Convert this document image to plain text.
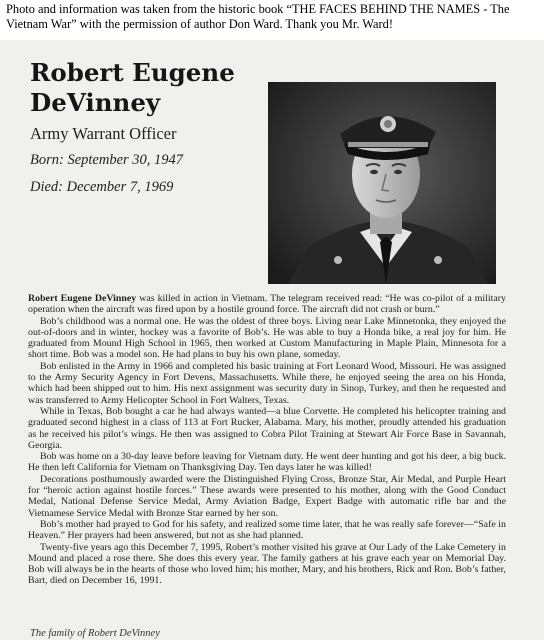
Photo and information was taken from the historic book “THE FACES BEHIND THE NAMES - The Vietnam War” with the permission of author Don Ward. Thank you Mr. Ward!
Robert Eugene
DeVinney
Army Warrant Officer
Born: September 30, 1947
Died: December 7, 1969

Robert Eugene DeVinney was killed in action in Vietnam. The telegram received read: “He was co-pilot of a military operation when the aircraft was fired upon by a hostile ground force. The aircraft did not crash or burn.”

Bob’s childhood was a normal one. He was the oldest of three boys. Living near Lake Minnetonka, they enjoyed the out-of-doors and in winter, hockey was a favorite of Bob’s. He was able to buy a Honda bike, a real joy for him. He graduated from Mound High School in 1965, then worked at Custom Manufacturing in Maple Plain, Minnesota for a short time. Bob was a model son. He had plans to buy his own plane, someday.

Bob enlisted in the Army in 1966 and completed his basic training at Fort Leonard Wood, Missouri. He was assigned to the Army Security Agency in Fort Devens, Massachusetts. While there, he enjoyed seeing the area on his Honda, which had been shipped out to him. His next assignment was security duty in Sinop, Turkey, and then he requested and was transferred to Army Helicopter School in Fort Walters, Texas.

While in Texas, Bob bought a car he had always wanted—a blue Corvette. He completed his helicopter training and graduated second highest in a class of 113 at Fort Rucker, Alabama. Mary, his mother, proudly attended his graduation as he received his pilot’s wings. He then was assigned to Cobra Pilot Training at Stewart Air Force Base in Savannah, Georgia.

Bob was home on a 30-day leave before leaving for Vietnam duty. He went deer hunting and got his deer, a big buck. He then left California for Vietnam on Thanksgiving Day. Ten days later he was killed!

Decorations posthumously awarded were the Distinguished Flying Cross, Bronze Star, Air Medal, and Purple Heart for “heroic action against hostile forces.” These awards were presented to his mother, along with the Good Conduct Medal, National Defense Service Medal, Army Aviation Badge, Expert Badge with automatic rifle bar and the Vietnamese Service Medal with Bronze Star earned by her son.

Bob’s mother had prayed to God for his safety, and realized some time later, that he was really safe forever—“Safe in Heaven.” Her prayers had been answered, but not as she had planned.

Twenty-five years ago this December 7, 1995, Robert’s mother visited his grave at Our Lady of the Lake Cemetery in Mound and placed a rose there. She does this every year. The family gathers at his grave each year on Memorial Day. Bob will always be in the hearts of those who loved him; his mother, Mary, and his brothers, Rick and Ron. Bob’s father, Bart, died on December 16, 1991.

The family of Robert DeVinney
